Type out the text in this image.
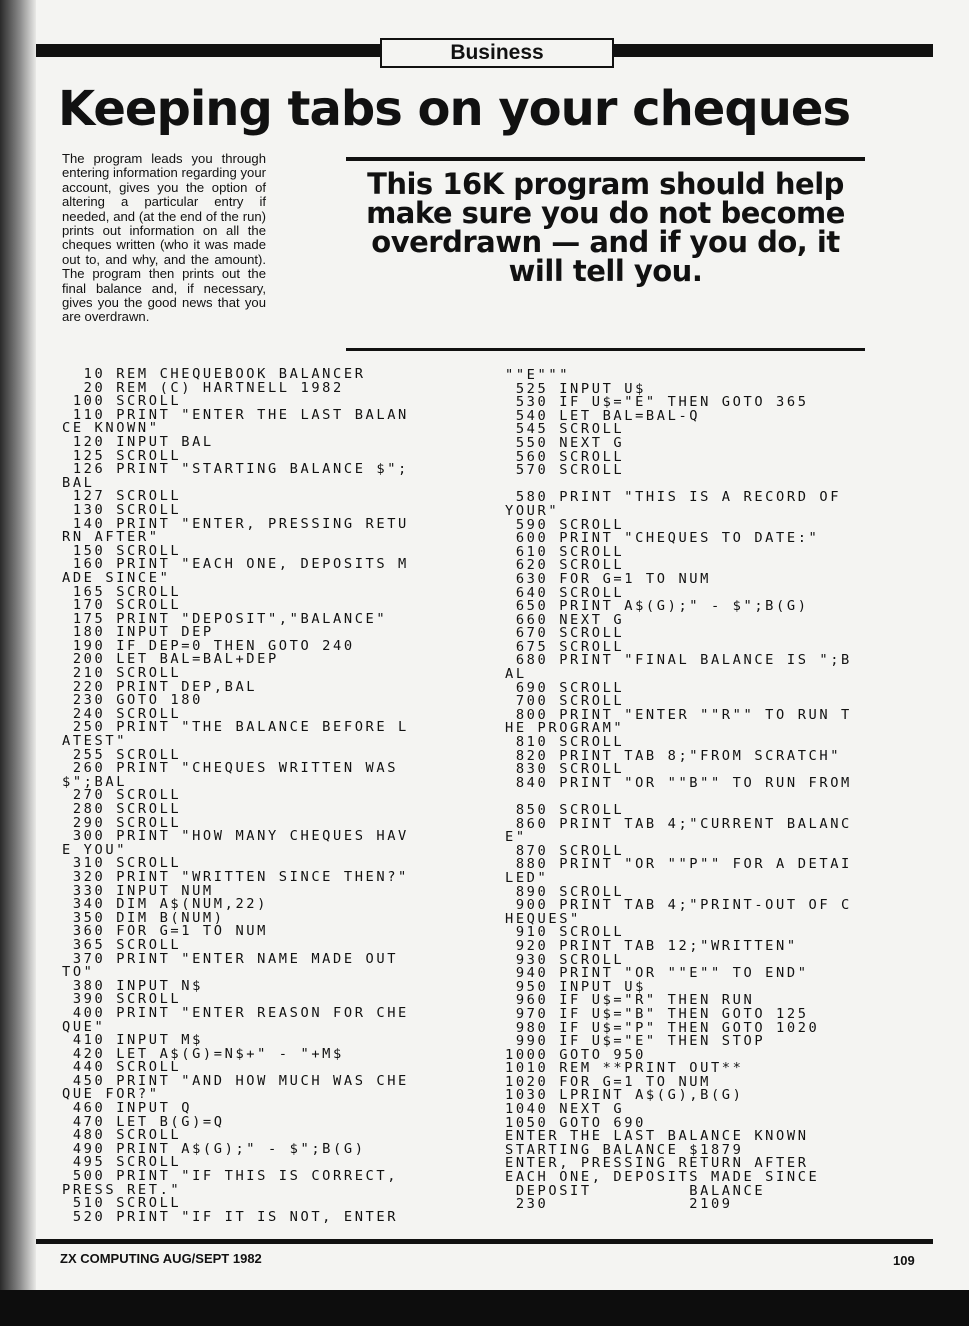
Business
Keeping tabs on your cheques
The program leads you through entering information regarding your account, gives you the option of altering a particular entry if needed, and (at the end of the run) prints out information on all the cheques written (who it was made out to, and why, and the amount). The program then prints out the final balance and, if necessary, gives you the good news that you are overdrawn.
This 16K program should help make sure you do not become overdrawn — and if you do, it will tell you.
10 REM CHEQUEBOOK BALANCER
20 REM (C) HARTNELL 1982
100 SCROLL
110 PRINT "ENTER THE LAST BALAN
CE KNOWN"
120 INPUT BAL
125 SCROLL
126 PRINT "STARTING BALANCE $";
BAL
127 SCROLL
130 SCROLL
140 PRINT "ENTER, PRESSING RETU
RN AFTER"
150 SCROLL
160 PRINT "EACH ONE, DEPOSITS M
ADE SINCE"
165 SCROLL
170 SCROLL
175 PRINT "DEPOSIT","BALANCE"
180 INPUT DEP
190 IF DEP=0 THEN GOTO 240
200 LET BAL=BAL+DEP
210 SCROLL
220 PRINT DEP,BAL
230 GOTO 180
240 SCROLL
250 PRINT "THE BALANCE BEFORE L
ATEST"
255 SCROLL
260 PRINT "CHEQUES WRITTEN WAS
$";BAL
270 SCROLL
280 SCROLL
290 SCROLL
300 PRINT "HOW MANY CHEQUES HAV
E YOU"
310 SCROLL
320 PRINT "WRITTEN SINCE THEN?"
330 INPUT NUM
340 DIM A$(NUM,22)
350 DIM B(NUM)
360 FOR G=1 TO NUM
365 SCROLL
370 PRINT "ENTER NAME MADE OUT
TO"
380 INPUT N$
390 SCROLL
400 PRINT "ENTER REASON FOR CHE
QUE"
410 INPUT M$
420 LET A$(G)=N$+" - "+M$
440 SCROLL
450 PRINT "AND HOW MUCH WAS CHE
QUE FOR?"
460 INPUT Q
470 LET B(G)=Q
480 SCROLL
490 PRINT A$(G);" - $";B(G)
495 SCROLL
500 PRINT "IF THIS IS CORRECT,
PRESS RET."
510 SCROLL
520 PRINT "IF IT IS NOT, ENTER
""E"""
525 INPUT U$
530 IF U$="E" THEN GOTO 365
540 LET BAL=BAL-Q
545 SCROLL
550 NEXT G
560 SCROLL
570 SCROLL
580 PRINT "THIS IS A RECORD OF
YOUR"
590 SCROLL
600 PRINT "CHEQUES TO DATE:"
610 SCROLL
620 SCROLL
630 FOR G=1 TO NUM
640 SCROLL
650 PRINT A$(G);" - $";B(G)
660 NEXT G
670 SCROLL
675 SCROLL
680 PRINT "FINAL BALANCE IS ";B
AL
690 SCROLL
700 SCROLL
800 PRINT "ENTER ""R"" TO RUN T
HE PROGRAM"
810 SCROLL
820 PRINT TAB 8;"FROM SCRATCH"
830 SCROLL
840 PRINT "OR ""B"" TO RUN FROM
850 SCROLL
860 PRINT TAB 4;"CURRENT BALANC
E"
870 SCROLL
880 PRINT "OR ""P"" FOR A DETAI
LED"
890 SCROLL
900 PRINT TAB 4;"PRINT-OUT OF C
HEQUES"
910 SCROLL
920 PRINT TAB 12;"WRITTEN"
930 SCROLL
940 PRINT "OR ""E"" TO END"
950 INPUT U$
960 IF U$="R" THEN RUN
970 IF U$="B" THEN GOTO 125
980 IF U$="P" THEN GOTO 1020
990 IF U$="E" THEN STOP
1000 GOTO 950
1010 REM **PRINT OUT**
1020 FOR G=1 TO NUM
1030 LPRINT A$(G),B(G)
1040 NEXT G
1050 GOTO 690
ENTER THE LAST BALANCE KNOWN
STARTING BALANCE $1879
ENTER, PRESSING RETURN AFTER
EACH ONE, DEPOSITS MADE SINCE
DEPOSIT         BALANCE
230             2109
ZX COMPUTING AUG/SEPT 1982	109
